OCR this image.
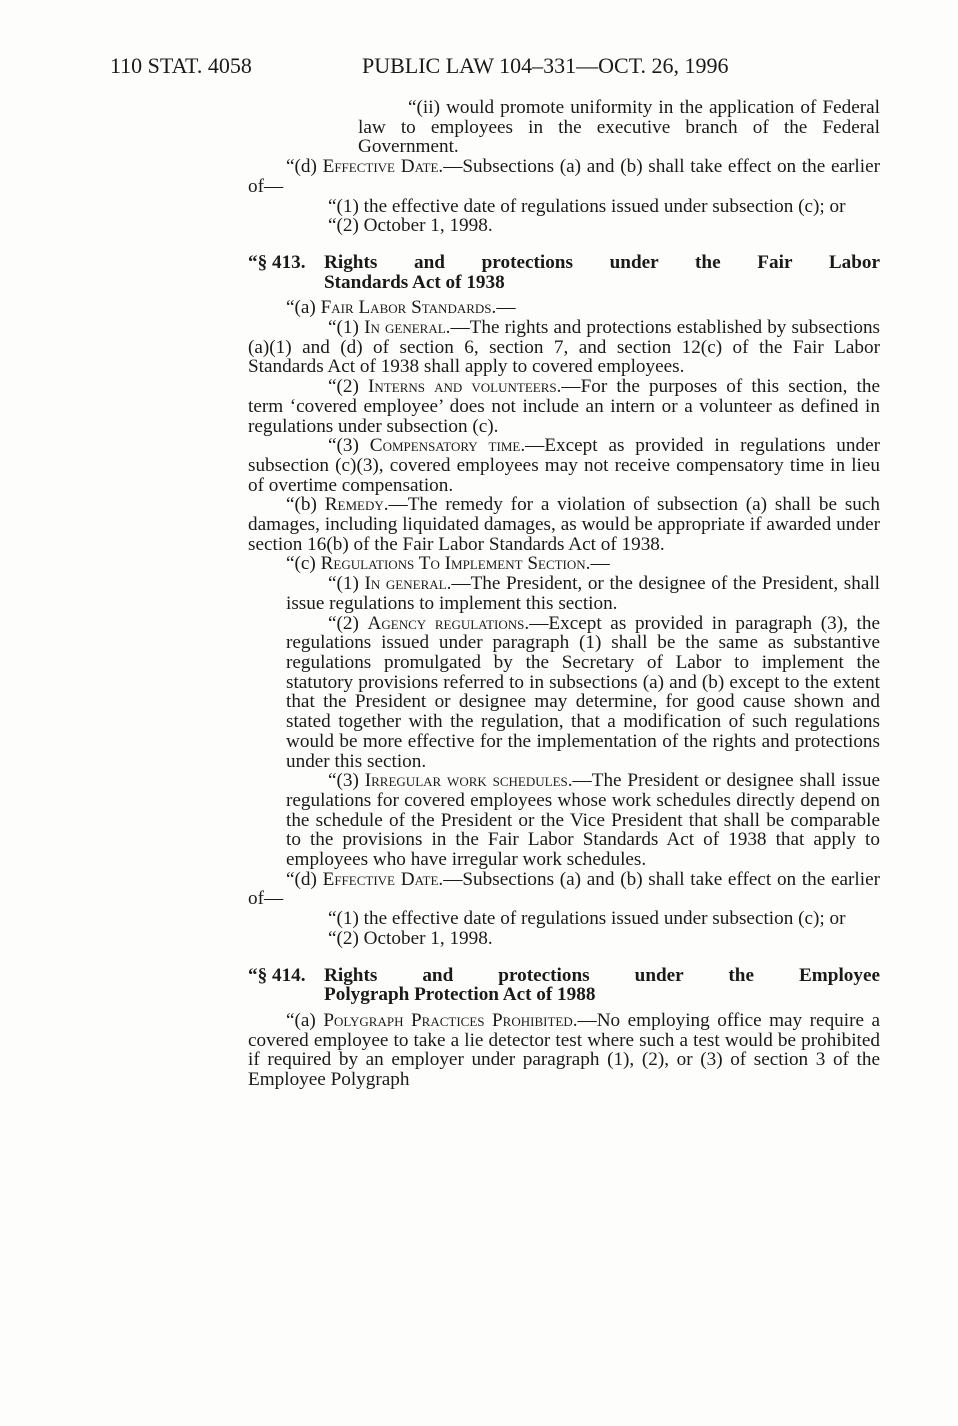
110 STAT. 4058	PUBLIC LAW 104–331—OCT. 26, 1996

“(ii) would promote uniformity in the application of Federal law to employees in the executive branch of the Federal Government.

“(d) Effective Date.—Subsections (a) and (b) shall take effect on the earlier of—

“(1) the effective date of regulations issued under subsection (c); or

“(2) October 1, 1998.

“§ 413. Rights and protections under the Fair Labor
Standards Act of 1938

“(a) Fair Labor Standards.—

“(1) In general.—The rights and protections established by subsections (a)(1) and (d) of section 6, section 7, and section 12(c) of the Fair Labor Standards Act of 1938 shall apply to covered employees.

“(2) Interns and volunteers.—For the purposes of this section, the term ‘covered employee’ does not include an intern or a volunteer as defined in regulations under subsection (c).

“(3) Compensatory time.—Except as provided in regulations under subsection (c)(3), covered employees may not receive compensatory time in lieu of overtime compensation.

“(b) Remedy.—The remedy for a violation of subsection (a) shall be such damages, including liquidated damages, as would be appropriate if awarded under section 16(b) of the Fair Labor Standards Act of 1938.

“(c) Regulations To Implement Section.—

“(1) In general.—The President, or the designee of the President, shall issue regulations to implement this section.

“(2) Agency regulations.—Except as provided in paragraph (3), the regulations issued under paragraph (1) shall be the same as substantive regulations promulgated by the Secretary of Labor to implement the statutory provisions referred to in subsections (a) and (b) except to the extent that the President or designee may determine, for good cause shown and stated together with the regulation, that a modification of such regulations would be more effective for the implementation of the rights and protections under this section.

“(3) Irregular work schedules.—The President or designee shall issue regulations for covered employees whose work schedules directly depend on the schedule of the President or the Vice President that shall be comparable to the provisions in the Fair Labor Standards Act of 1938 that apply to employees who have irregular work schedules.

“(d) Effective Date.—Subsections (a) and (b) shall take effect on the earlier of—

“(1) the effective date of regulations issued under subsection (c); or

“(2) October 1, 1998.

“§ 414. Rights and protections under the Employee
Polygraph Protection Act of 1988

“(a) Polygraph Practices Prohibited.—No employing office may require a covered employee to take a lie detector test where such a test would be prohibited if required by an employer under paragraph (1), (2), or (3) of section 3 of the Employee Polygraph
